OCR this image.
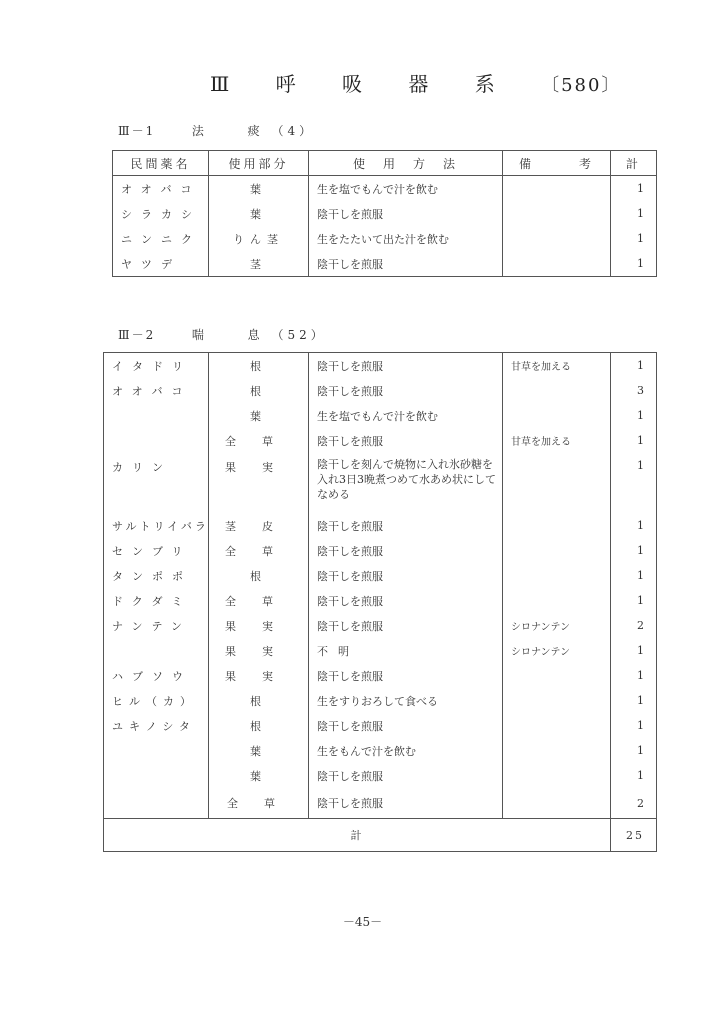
Ⅲ 呼 吸 器 系 〔580〕
Ⅲ－1	法	痰 （4）
民間薬名	使用部分	使　用　方　法	備　　　考	計
オオバコ	葉	生を塩でもんで汁を飲む		1
シラカシ	葉	陰干しを煎服		1
ニンニク	りん茎	生をたたいて出た汁を飲む		1
ヤツデ	茎	陰干しを煎服		1
Ⅲ－2	喘	息 （52）
イタドリ	根	陰干しを煎服	甘草を加える	1
オオバコ	根	陰干しを煎服		3
	葉	生を塩でもんで汁を飲む		1
	全草	陰干しを煎服	甘草を加える	1
カリン	果実	陰干しを刻んで焼物に入れ氷砂糖を入れ3日3晩煮つめて水あめ状にしてなめる		1
サルトリイバラ	茎皮	陰干しを煎服		1
センブリ	全草	陰干しを煎服		1
タンポポ	根	陰干しを煎服		1
ドクダミ	全草	陰干しを煎服		1
ナンテン	果実	陰干しを煎服	シロナンテン	2
	果実	不明	シロナンテン	1
ハブソウ	果実	陰干しを煎服		1
ヒル（カ）	根	生をすりおろして食べる		1
ユキノシタ	根	陰干しを煎服		1
	葉	生をもんで汁を飲む		1
	葉	陰干しを煎服		1
	全草	陰干しを煎服		2
計				25
－45－
